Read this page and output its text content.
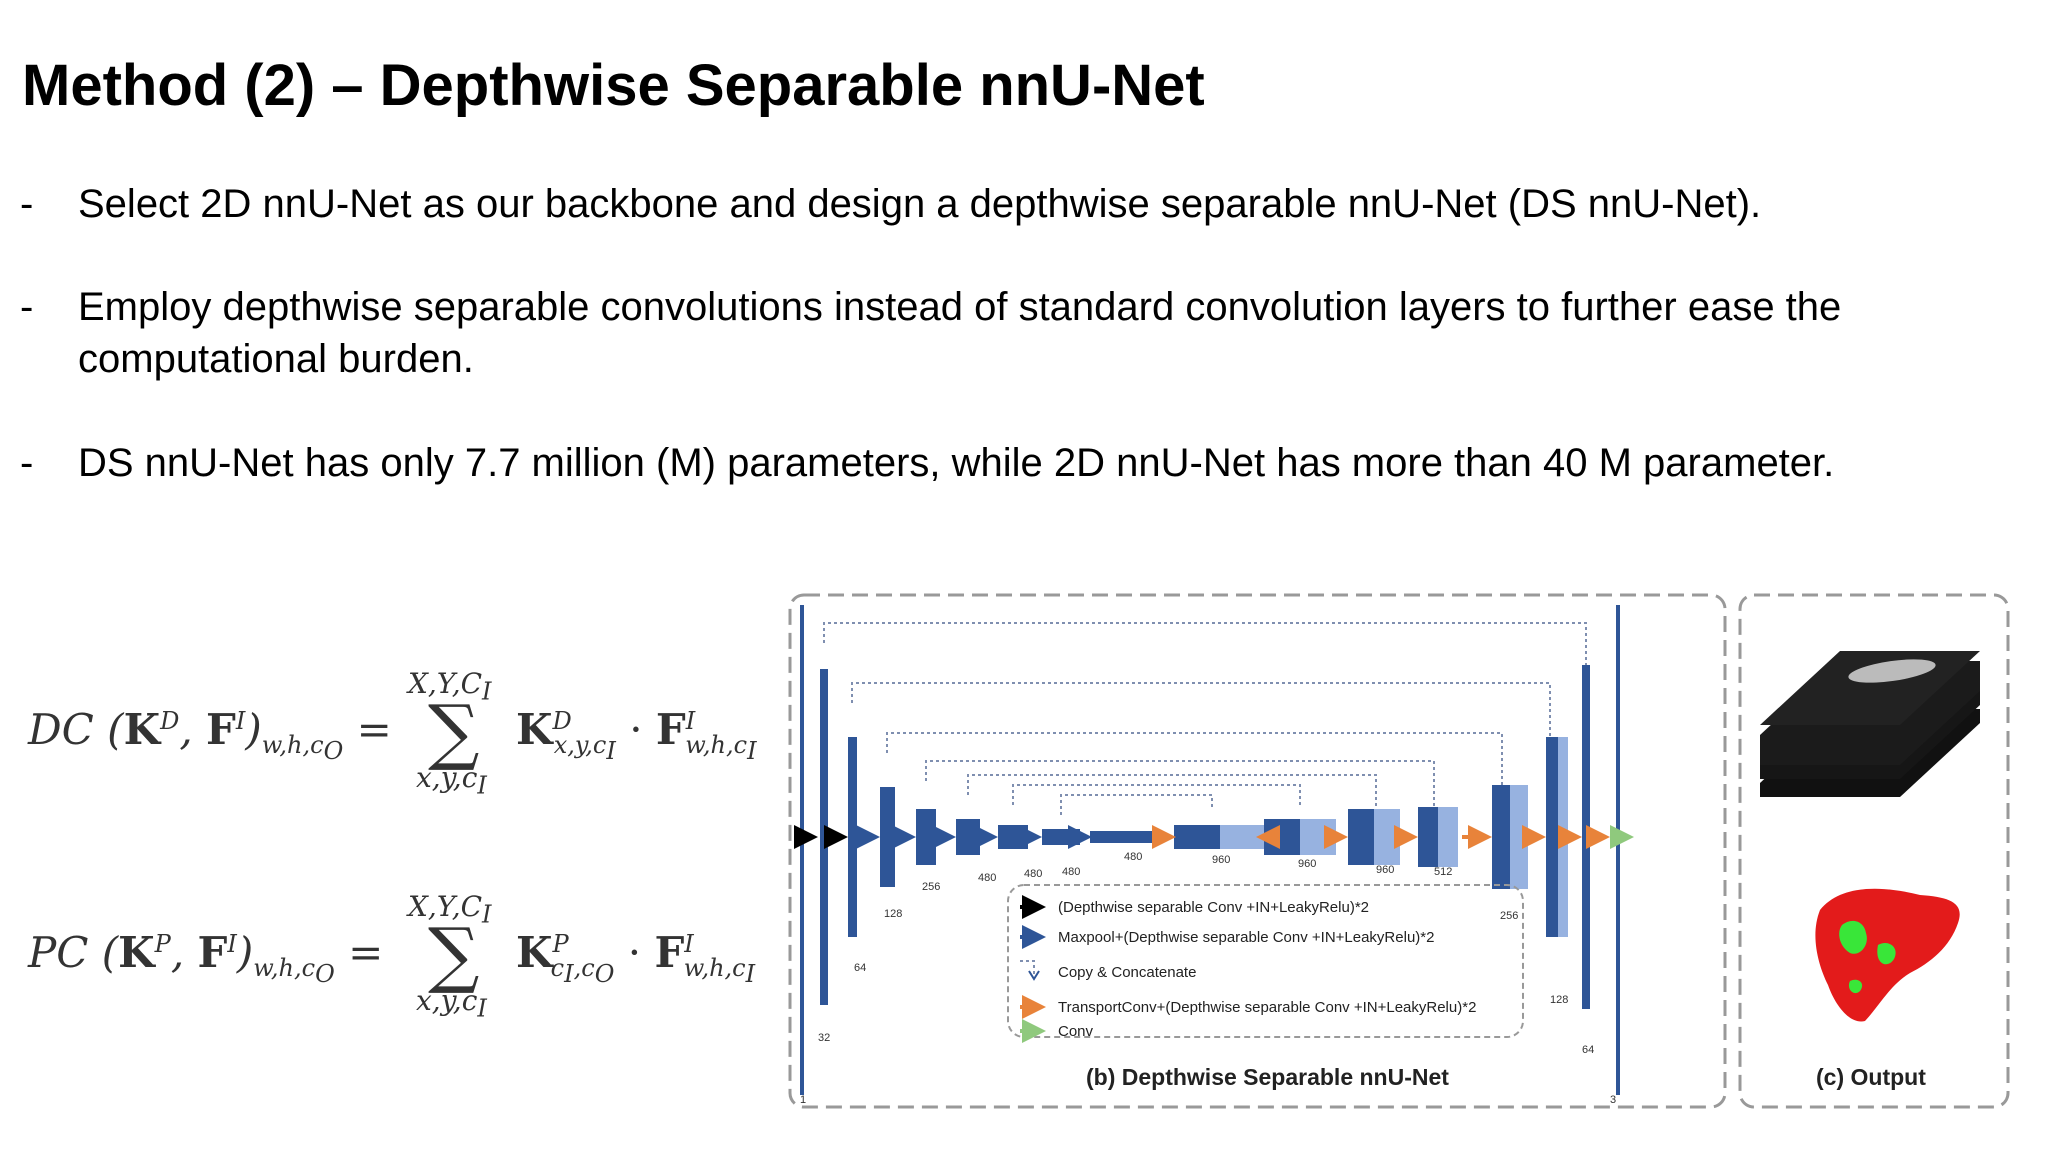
Method (2) – Depthwise Separable nnU-Net
- Select 2D nnU-Net as our backbone and design a depthwise separable nnU-Net (DS nnU-Net).
- Employ depthwise separable convolutions instead of standard convolution layers to further ease the computational burden.
- DS nnU-Net has only 7.7 million (M) parameters, while 2D nnU-Net has more than 40 M parameter.
DC ($K^D$, $F^I)_{w,h,c_O}$ =
$X,Y,C_I$
∑
$x,y,c_I$
$K^D_{x,y,c_I} \cdot F^I_{w,h,c_I}$
PC ($K^P$, $F^I)_{w,h,c_O}$ =
$X,Y,C_I$
∑
$x,y,c_I$
$K^P_{c_I,c_O} \cdot F^I_{w,h,c_I}$
32
64
128
256
480	480 480
480	960	960	960	512
256
128
64
1	3
(Depthwise separable Conv +IN+LeakyRelu)*2
Maxpool+(Depthwise separable Conv +IN+LeakyRelu)*2
Copy & Concatenate
TransportConv+(Depthwise separable Conv +IN+LeakyRelu)*2
Conv
(b) Depthwise Separable nnU-Net	(c) Output
